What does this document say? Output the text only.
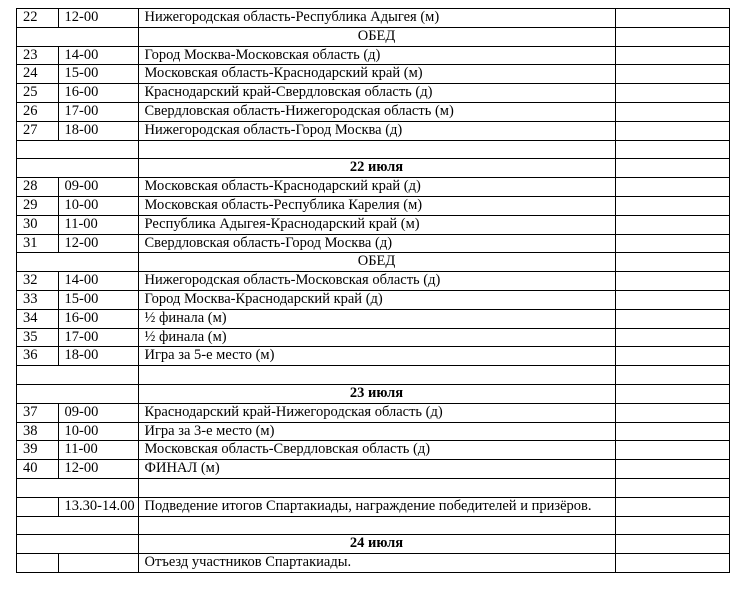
22	12-00	Нижегородская область-Республика Адыгея (м)	
		ОБЕД	
23	14-00	Город Москва-Московская область (д)	
24	15-00	Московская область-Краснодарский край (м)	
25	16-00	Краснодарский край-Свердловская область (д)	
26	17-00	Свердловская область-Нижегородская область (м)	
27	18-00	Нижегородская область-Город Москва (д)	

		22 июля	
28	09-00	Московская область-Краснодарский край (д)	
29	10-00	Московская область-Республика Карелия (м)	
30	11-00	Республика Адыгея-Краснодарский край (м)	
31	12-00	Свердловская область-Город Москва (д)	
		ОБЕД	
32	14-00	Нижегородская область-Московская область (д)	
33	15-00	Город Москва-Краснодарский край (д)	
34	16-00	½ финала (м)	
35	17-00	½ финала (м)	
36	18-00	Игра за 5-е место (м)	

		23 июля	
37	09-00	Краснодарский край-Нижегородская область (д)	
38	10-00	Игра за 3-е место (м)	
39	11-00	Московская область-Свердловская область (д)	
40	12-00	ФИНАЛ (м)	

	13.30-14.00	Подведение итогов Спартакиады, награждение победителей и призёров.	

		24 июля	
		Отъезд участников Спартакиады.	
